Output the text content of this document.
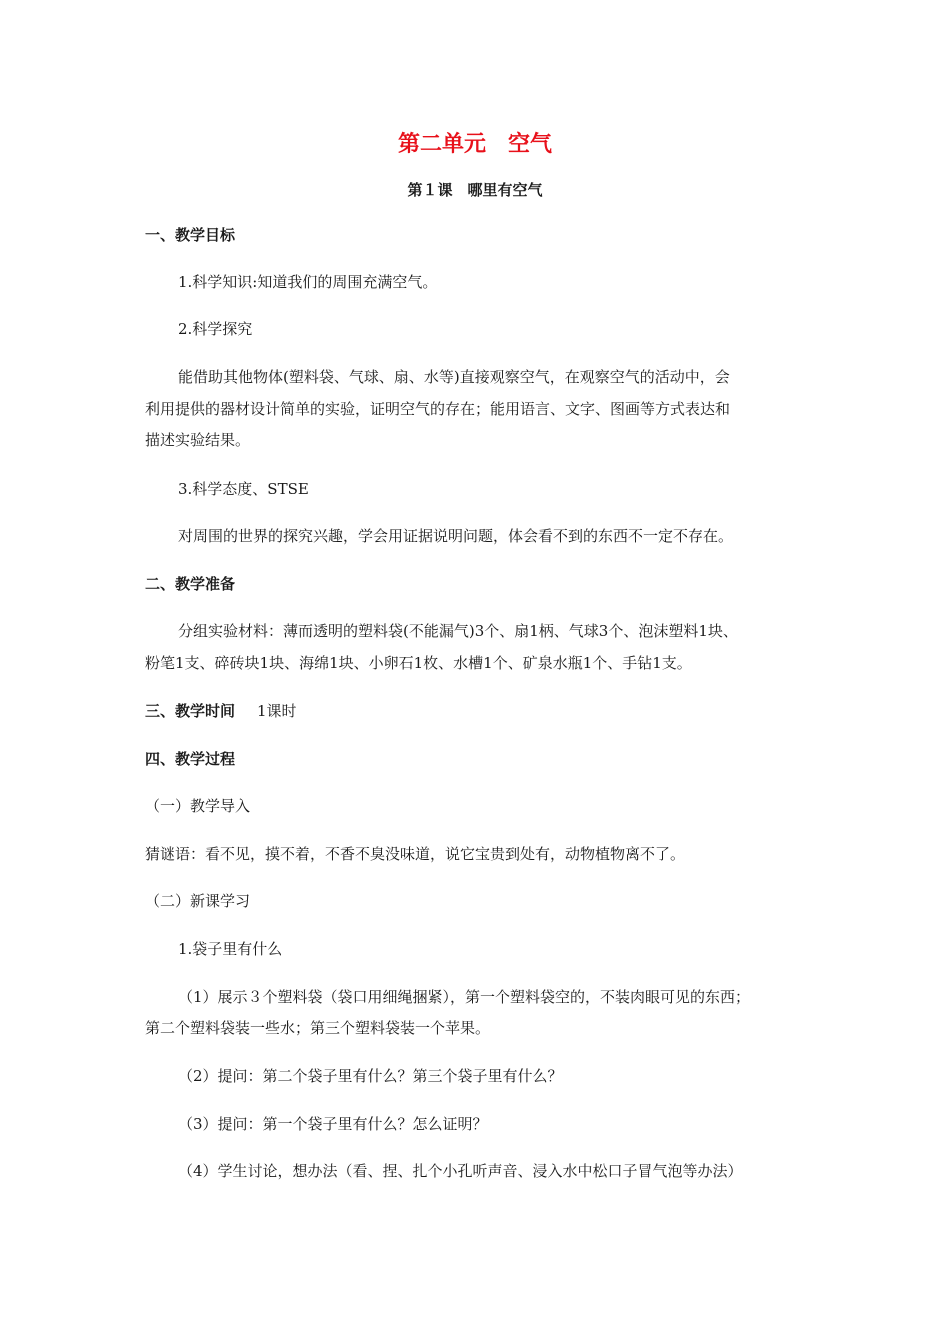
第二单元　空气
第１课　哪里有空气
一、教学目标
1.科学知识:知道我们的周围充满空气。
2.科学探究
能借助其他物体(塑料袋、气球、扇、水等)直接观察空气，在观察空气的活动中，会
利用提供的器材设计简单的实验，证明空气的存在；能用语言、文字、图画等方式表达和
描述实验结果。
3.科学态度、STSE
对周围的世界的探究兴趣，学会用证据说明问题，体会看不到的东西不一定不存在。
二、教学准备
分组实验材料：薄而透明的塑料袋(不能漏气)3个、扇1柄、气球3个、泡沫塑料1块、
粉笔1支、碎砖块1块、海绵1块、小卵石1枚、水槽1个、矿泉水瓶1个、手钻1支。
三、教学时间 1课时
四、教学过程
（一）教学导入
猜谜语：看不见，摸不着，不香不臭没味道，说它宝贵到处有，动物植物离不了。
（二）新课学习
1.袋子里有什么
（1）展示３个塑料袋（袋口用细绳捆紧），第一个塑料袋空的，不装肉眼可见的东西；
第二个塑料袋装一些水；第三个塑料袋装一个苹果。
（2）提问：第二个袋子里有什么？第三个袋子里有什么？
（3）提问：第一个袋子里有什么？怎么证明？
（4）学生讨论，想办法（看、捏、扎个小孔听声音、浸入水中松口子冒气泡等办法）
